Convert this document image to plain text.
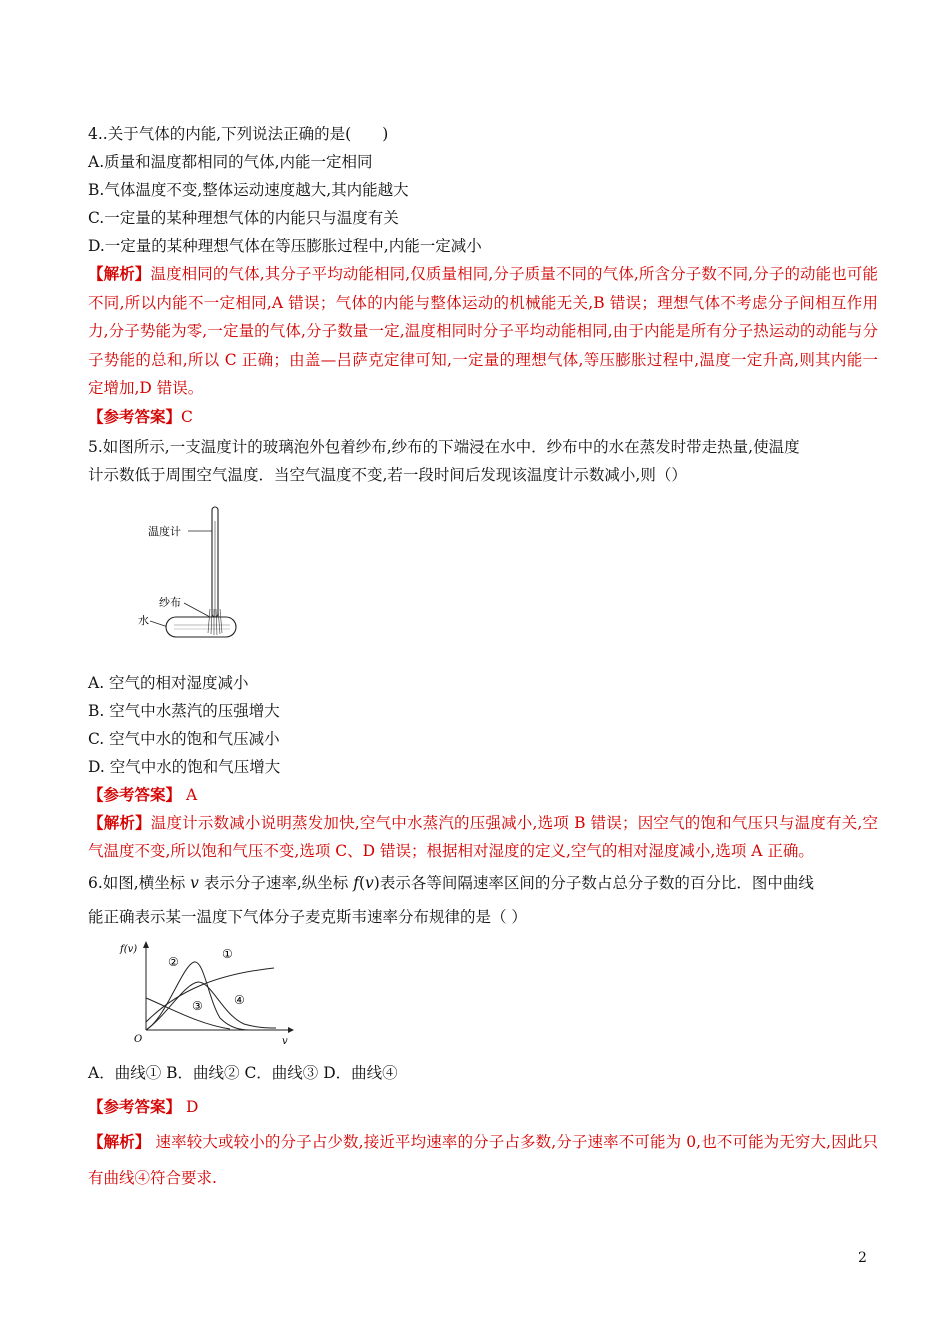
4..关于气体的内能,下列说法正确的是(　　)
A.质量和温度都相同的气体,内能一定相同
B.气体温度不变,整体运动速度越大,其内能越大
C.一定量的某种理想气体的内能只与温度有关
D.一定量的某种理想气体在等压膨胀过程中,内能一定减小
【解析】温度相同的气体,其分子平均动能相同,仅质量相同,分子质量不同的气体,所含分子数不同,分子的动能也可能不同,所以内能不一定相同,A 错误；气体的内能与整体运动的机械能无关,B 错误；理想气体不考虑分子间相互作用力,分子势能为零,一定量的气体,分子数量一定,温度相同时分子平均动能相同,由于内能是所有分子热运动的动能与分子势能的总和,所以 C 正确；由盖—吕萨克定律可知,一定量的理想气体,等压膨胀过程中,温度一定升高,则其内能一定增加,D 错误。
【参考答案】C
5.如图所示,一支温度计的玻璃泡外包着纱布,纱布的下端浸在水中．纱布中的水在蒸发时带走热量,使温度
计示数低于周围空气温度．当空气温度不变,若一段时间后发现该温度计示数减小,则（）
温度计
纱布
水
A. 空气的相对湿度减小
B. 空气中水蒸汽的压强增大
C. 空气中水的饱和气压减小
D. 空气中水的饱和气压增大
【参考答案】 A
【解析】温度计示数减小说明蒸发加快,空气中水蒸汽的压强减小,选项 B 错误；因空气的饱和气压只与温度有关,空气温度不变,所以饱和气压不变,选项 C、D 错误；根据相对湿度的定义,空气的相对湿度减小,选项 A 正确。
6.如图,横坐标 v 表示分子速率,纵坐标 f(v)表示各等间隔速率区间的分子数占总分子数的百分比．图中曲线
能正确表示某一温度下气体分子麦克斯韦速率分布规律的是（ ）
f(v)
v
O
①
②
③	④
A．曲线① B．曲线② C．曲线③ D．曲线④
【参考答案】 D
【解析】 速率较大或较小的分子占少数,接近平均速率的分子占多数,分子速率不可能为 0,也不可能为无穷大,因此只有曲线④符合要求.
2
